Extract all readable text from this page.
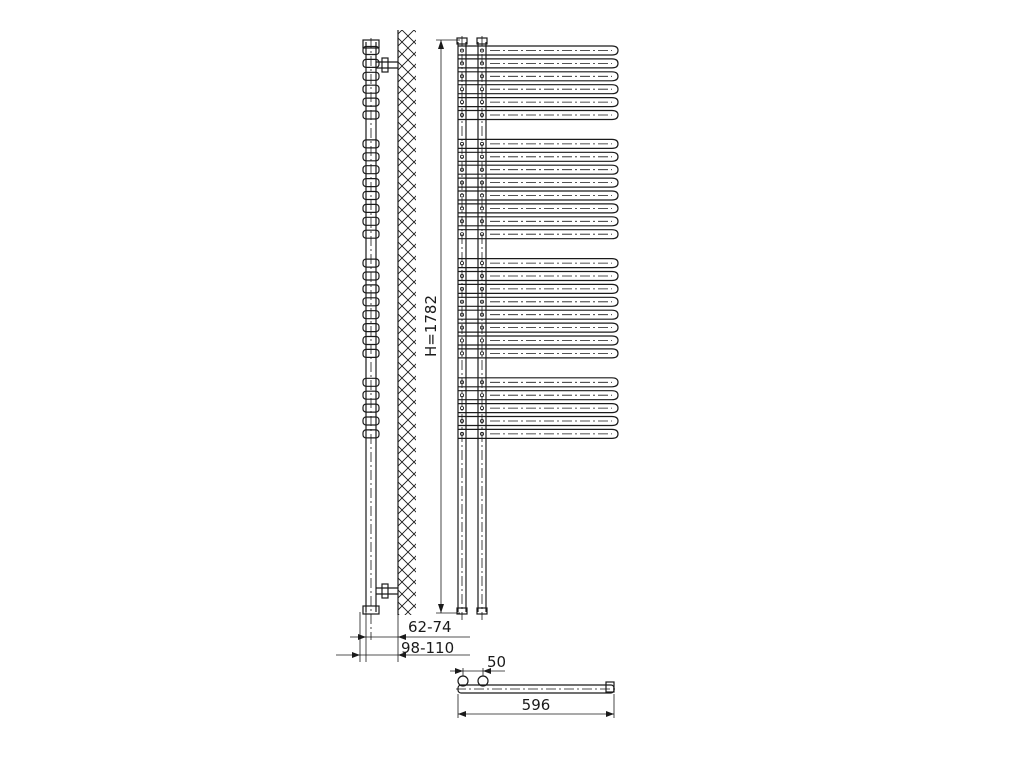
62-74
98-110
H=1782
50
596
